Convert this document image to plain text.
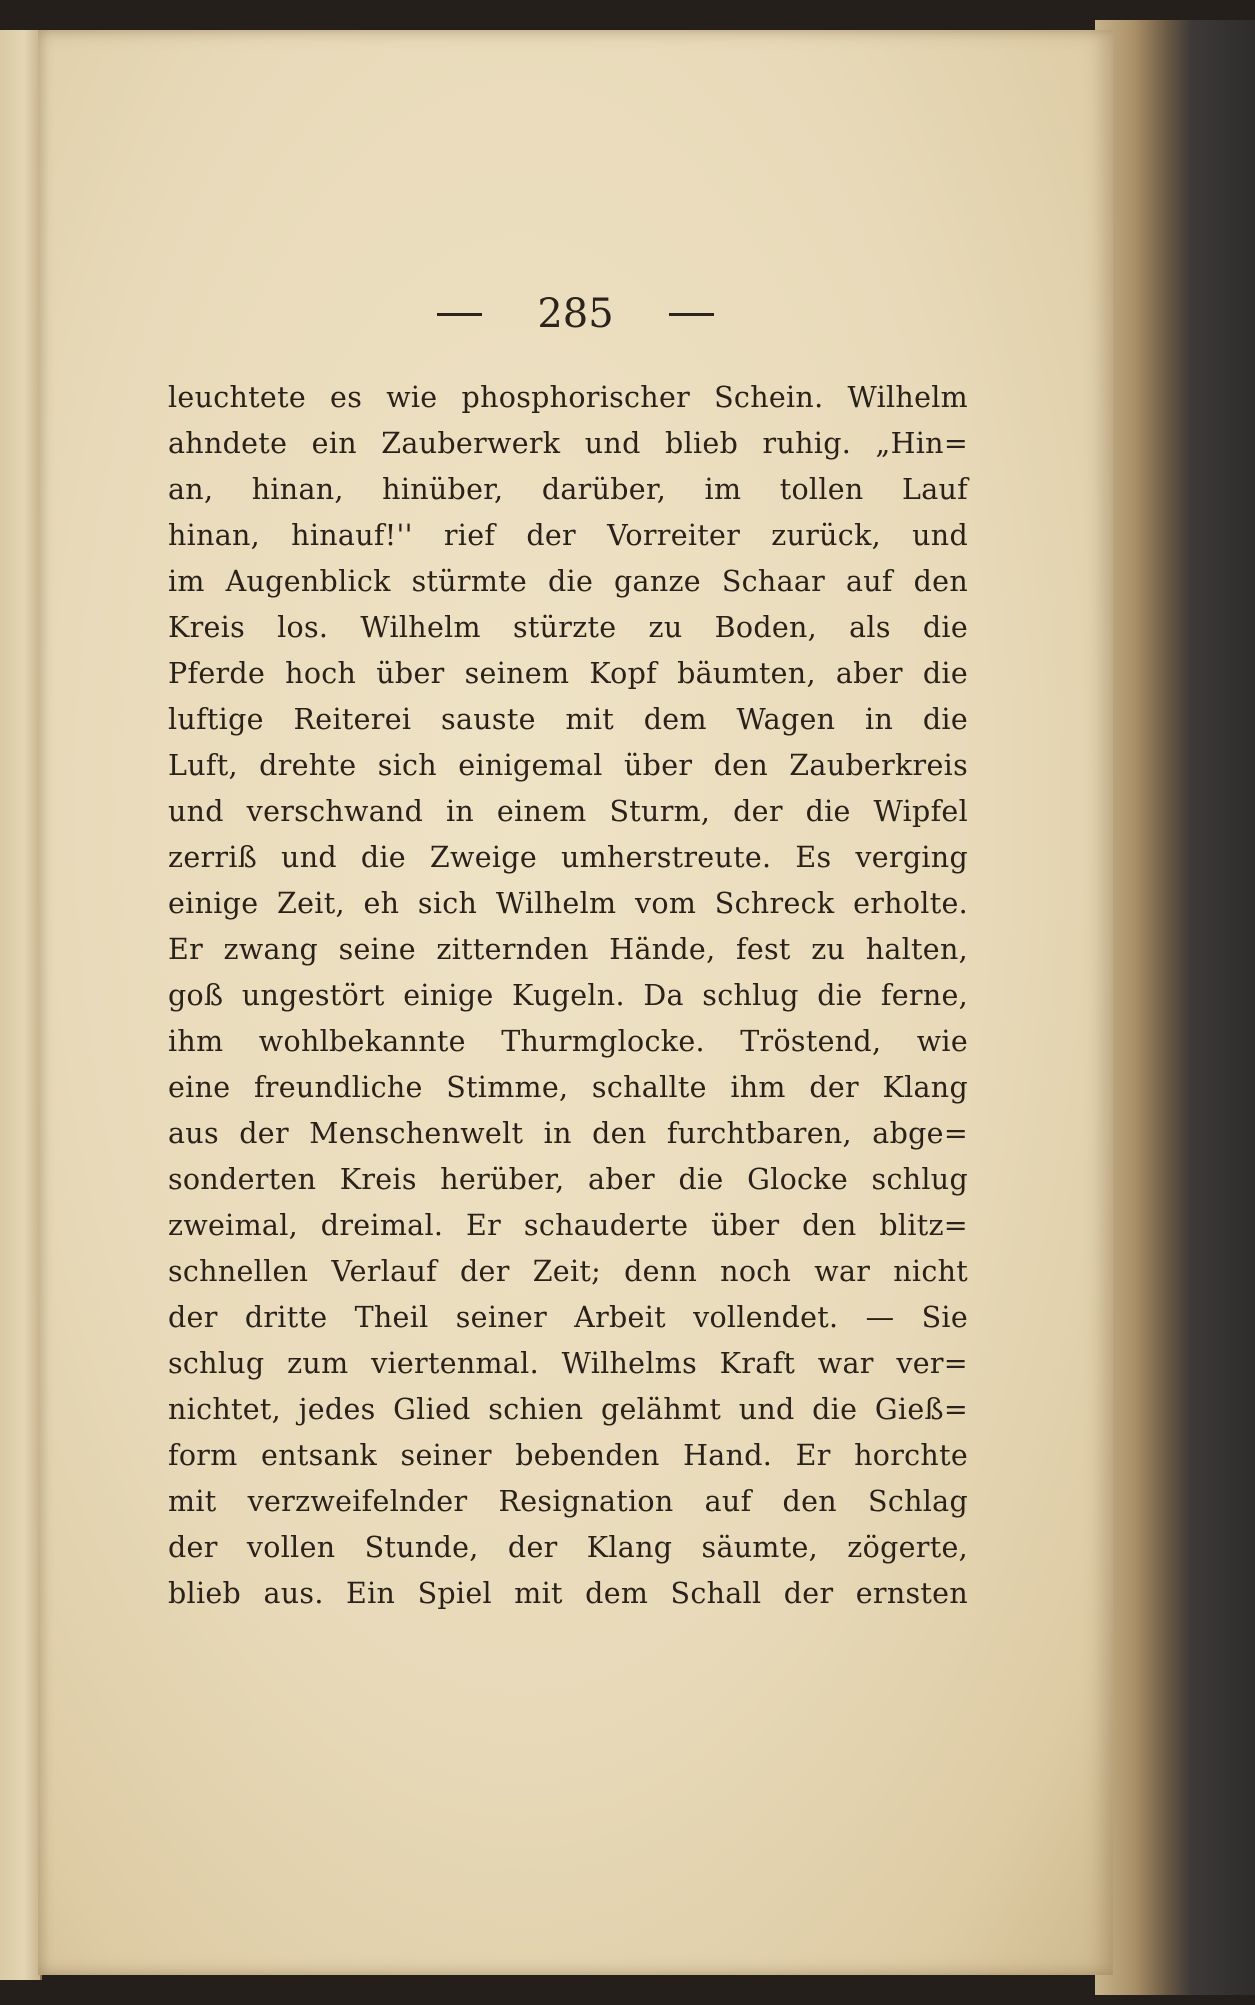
285
leuchtete es wie phosphorischer Schein. Wilhelm
ahndete ein Zauberwerk und blieb ruhig. „Hin=
an, hinan, hinüber, darüber, im tollen Lauf
hinan, hinauf!'' rief der Vorreiter zurück, und
im Augenblick stürmte die ganze Schaar auf den
Kreis los. Wilhelm stürzte zu Boden, als die
Pferde hoch über seinem Kopf bäumten, aber die
luftige Reiterei sauste mit dem Wagen in die
Luft, drehte sich einigemal über den Zauberkreis
und verschwand in einem Sturm, der die Wipfel
zerriß und die Zweige umherstreute. Es verging
einige Zeit, eh sich Wilhelm vom Schreck erholte.
Er zwang seine zitternden Hände, fest zu halten,
goß ungestört einige Kugeln. Da schlug die ferne,
ihm wohlbekannte Thurmglocke. Tröstend, wie
eine freundliche Stimme, schallte ihm der Klang
aus der Menschenwelt in den furchtbaren, abge=
sonderten Kreis herüber, aber die Glocke schlug
zweimal, dreimal. Er schauderte über den blitz=
schnellen Verlauf der Zeit; denn noch war nicht
der dritte Theil seiner Arbeit vollendet. — Sie
schlug zum viertenmal. Wilhelms Kraft war ver=
nichtet, jedes Glied schien gelähmt und die Gieß=
form entsank seiner bebenden Hand. Er horchte
mit verzweifelnder Resignation auf den Schlag
der vollen Stunde, der Klang säumte, zögerte,
blieb aus. Ein Spiel mit dem Schall der ernsten
